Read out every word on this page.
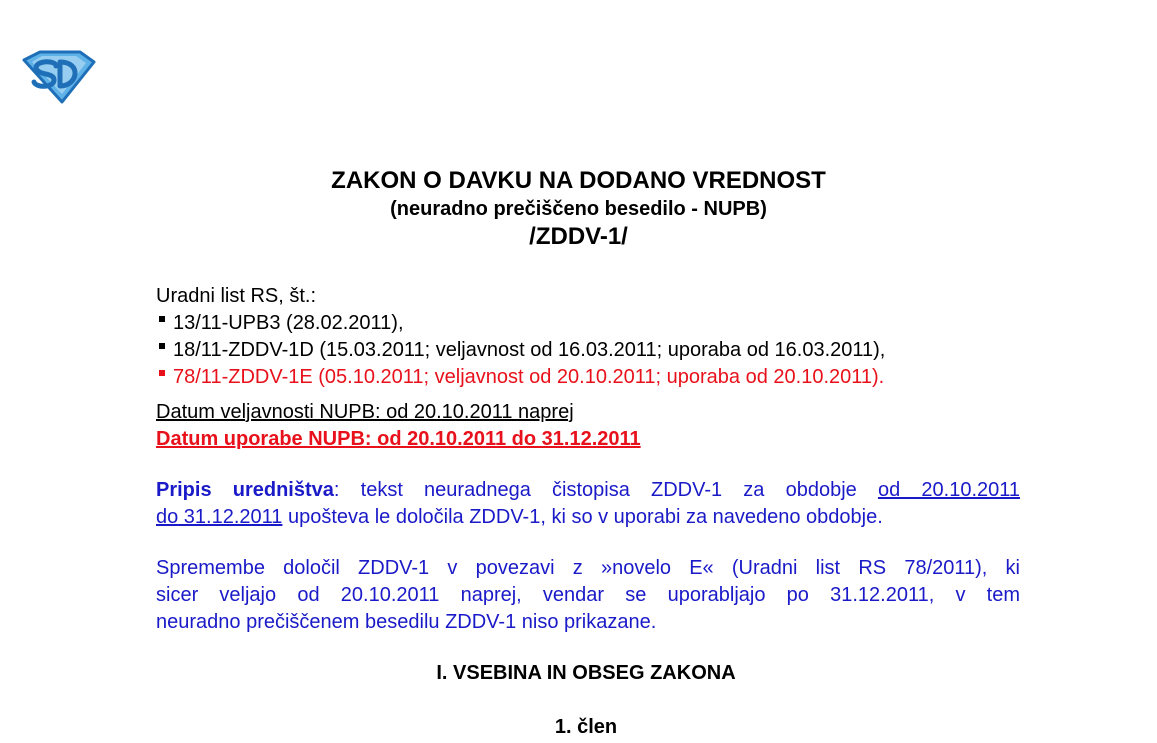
ZAKON O DAVKU NA DODANO VREDNOST
(neuradno prečiščeno besedilo - NUPB)
/ZDDV-1/
Uradni list RS, št.:
13/11-UPB3 (28.02.2011),
18/11-ZDDV-1D (15.03.2011; veljavnost od 16.03.2011; uporaba od 16.03.2011),
78/11-ZDDV-1E (05.10.2011; veljavnost od 20.10.2011; uporaba od 20.10.2011).
Datum veljavnosti NUPB: od 20.10.2011 naprej
Datum uporabe NUPB: od 20.10.2011 do 31.12.2011
Pripis uredništva: tekst neuradnega čistopisa ZDDV-1 za obdobje od 20.10.2011
do 31.12.2011 upošteva le določila ZDDV-1, ki so v uporabi za navedeno obdobje.
Spremembe določil ZDDV-1 v povezavi z »novelo E« (Uradni list RS 78/2011), ki
sicer veljajo od 20.10.2011 naprej, vendar se uporabljajo po 31.12.2011, v tem
neuradno prečiščenem besedilu ZDDV-1 niso prikazane.
I. VSEBINA IN OBSEG ZAKONA
1. člen
